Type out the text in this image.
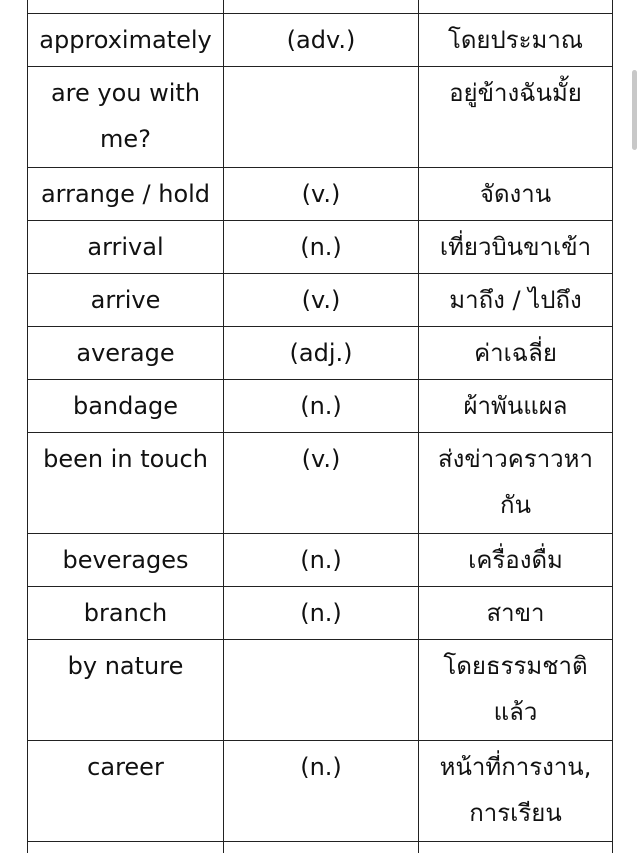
approximately	(adv.)	โดยประมาณ
are you with me?		อยู่ข้างฉันมั้ย
arrange / hold	(v.)	จัดงาน
arrival	(n.)	เที่ยวบินขาเข้า
arrive	(v.)	มาถึง / ไปถึง
average	(adj.)	ค่าเฉลี่ย
bandage	(n.)	ผ้าพันแผล
been in touch	(v.)	ส่งข่าวคราวหากัน
beverages	(n.)	เครื่องดื่ม
branch	(n.)	สาขา
by nature		โดยธรรมชาติแล้ว
career	(n.)	หน้าที่การงาน, การเรียน
